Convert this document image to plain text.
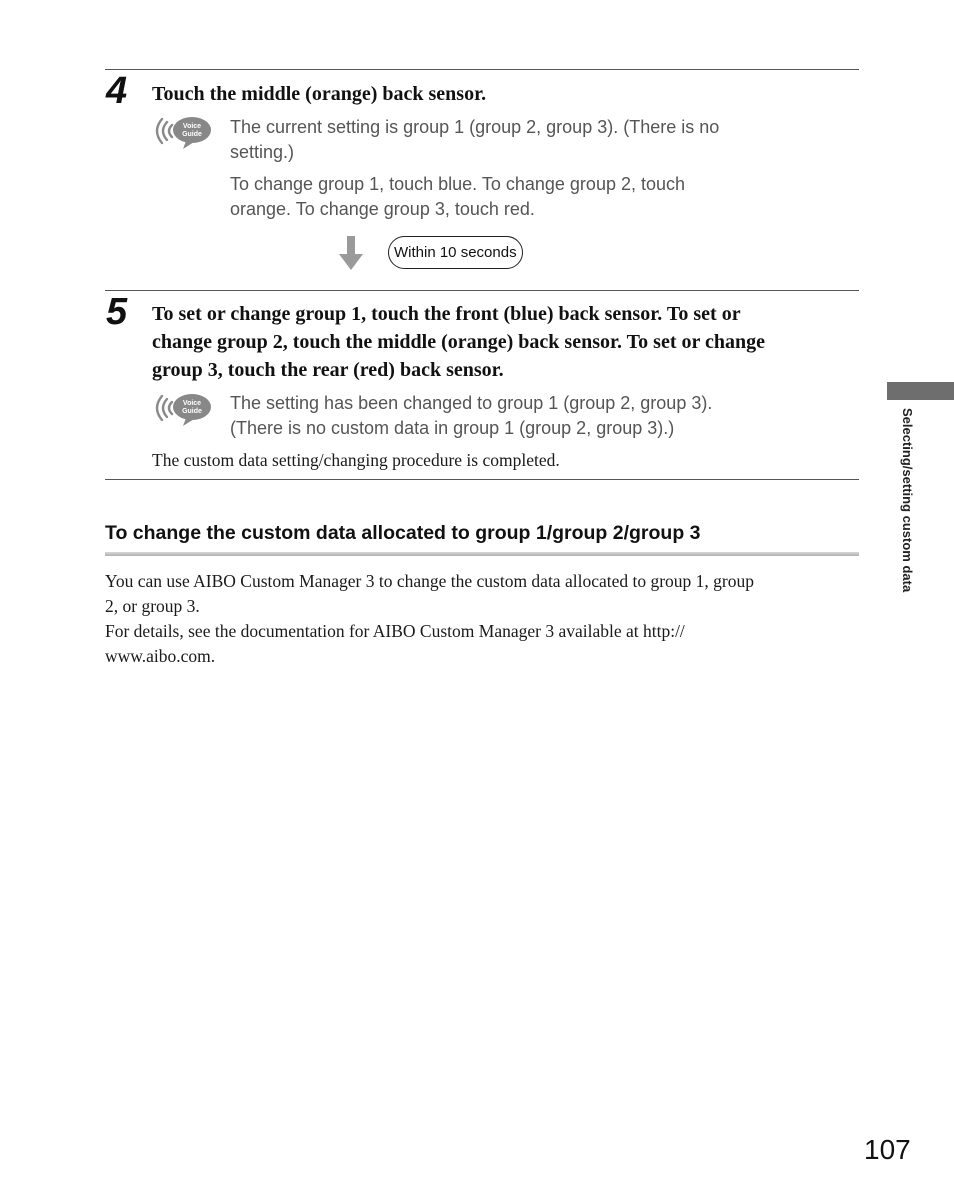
4 Touch the middle (orange) back sensor.
Voice
Guide The current setting is group 1 (group 2, group 3). (There is no
setting.)
To change group 1, touch blue. To change group 2, touch
orange. To change group 3, touch red.
Within 10 seconds
5 To set or change group 1, touch the front (blue) back sensor. To set or
change group 2, touch the middle (orange) back sensor. To set or change
group 3, touch the rear (red) back sensor.
Voice
Guide The setting has been changed to group 1 (group 2, group 3).
(There is no custom data in group 1 (group 2, group 3).)
The custom data setting/changing procedure is completed.
To change the custom data allocated to group 1/group 2/group 3
You can use AIBO Custom Manager 3 to change the custom data allocated to group 1, group
2, or group 3.
For details, see the documentation for AIBO Custom Manager 3 available at http://
www.aibo.com.
Selecting/setting custom data
107
